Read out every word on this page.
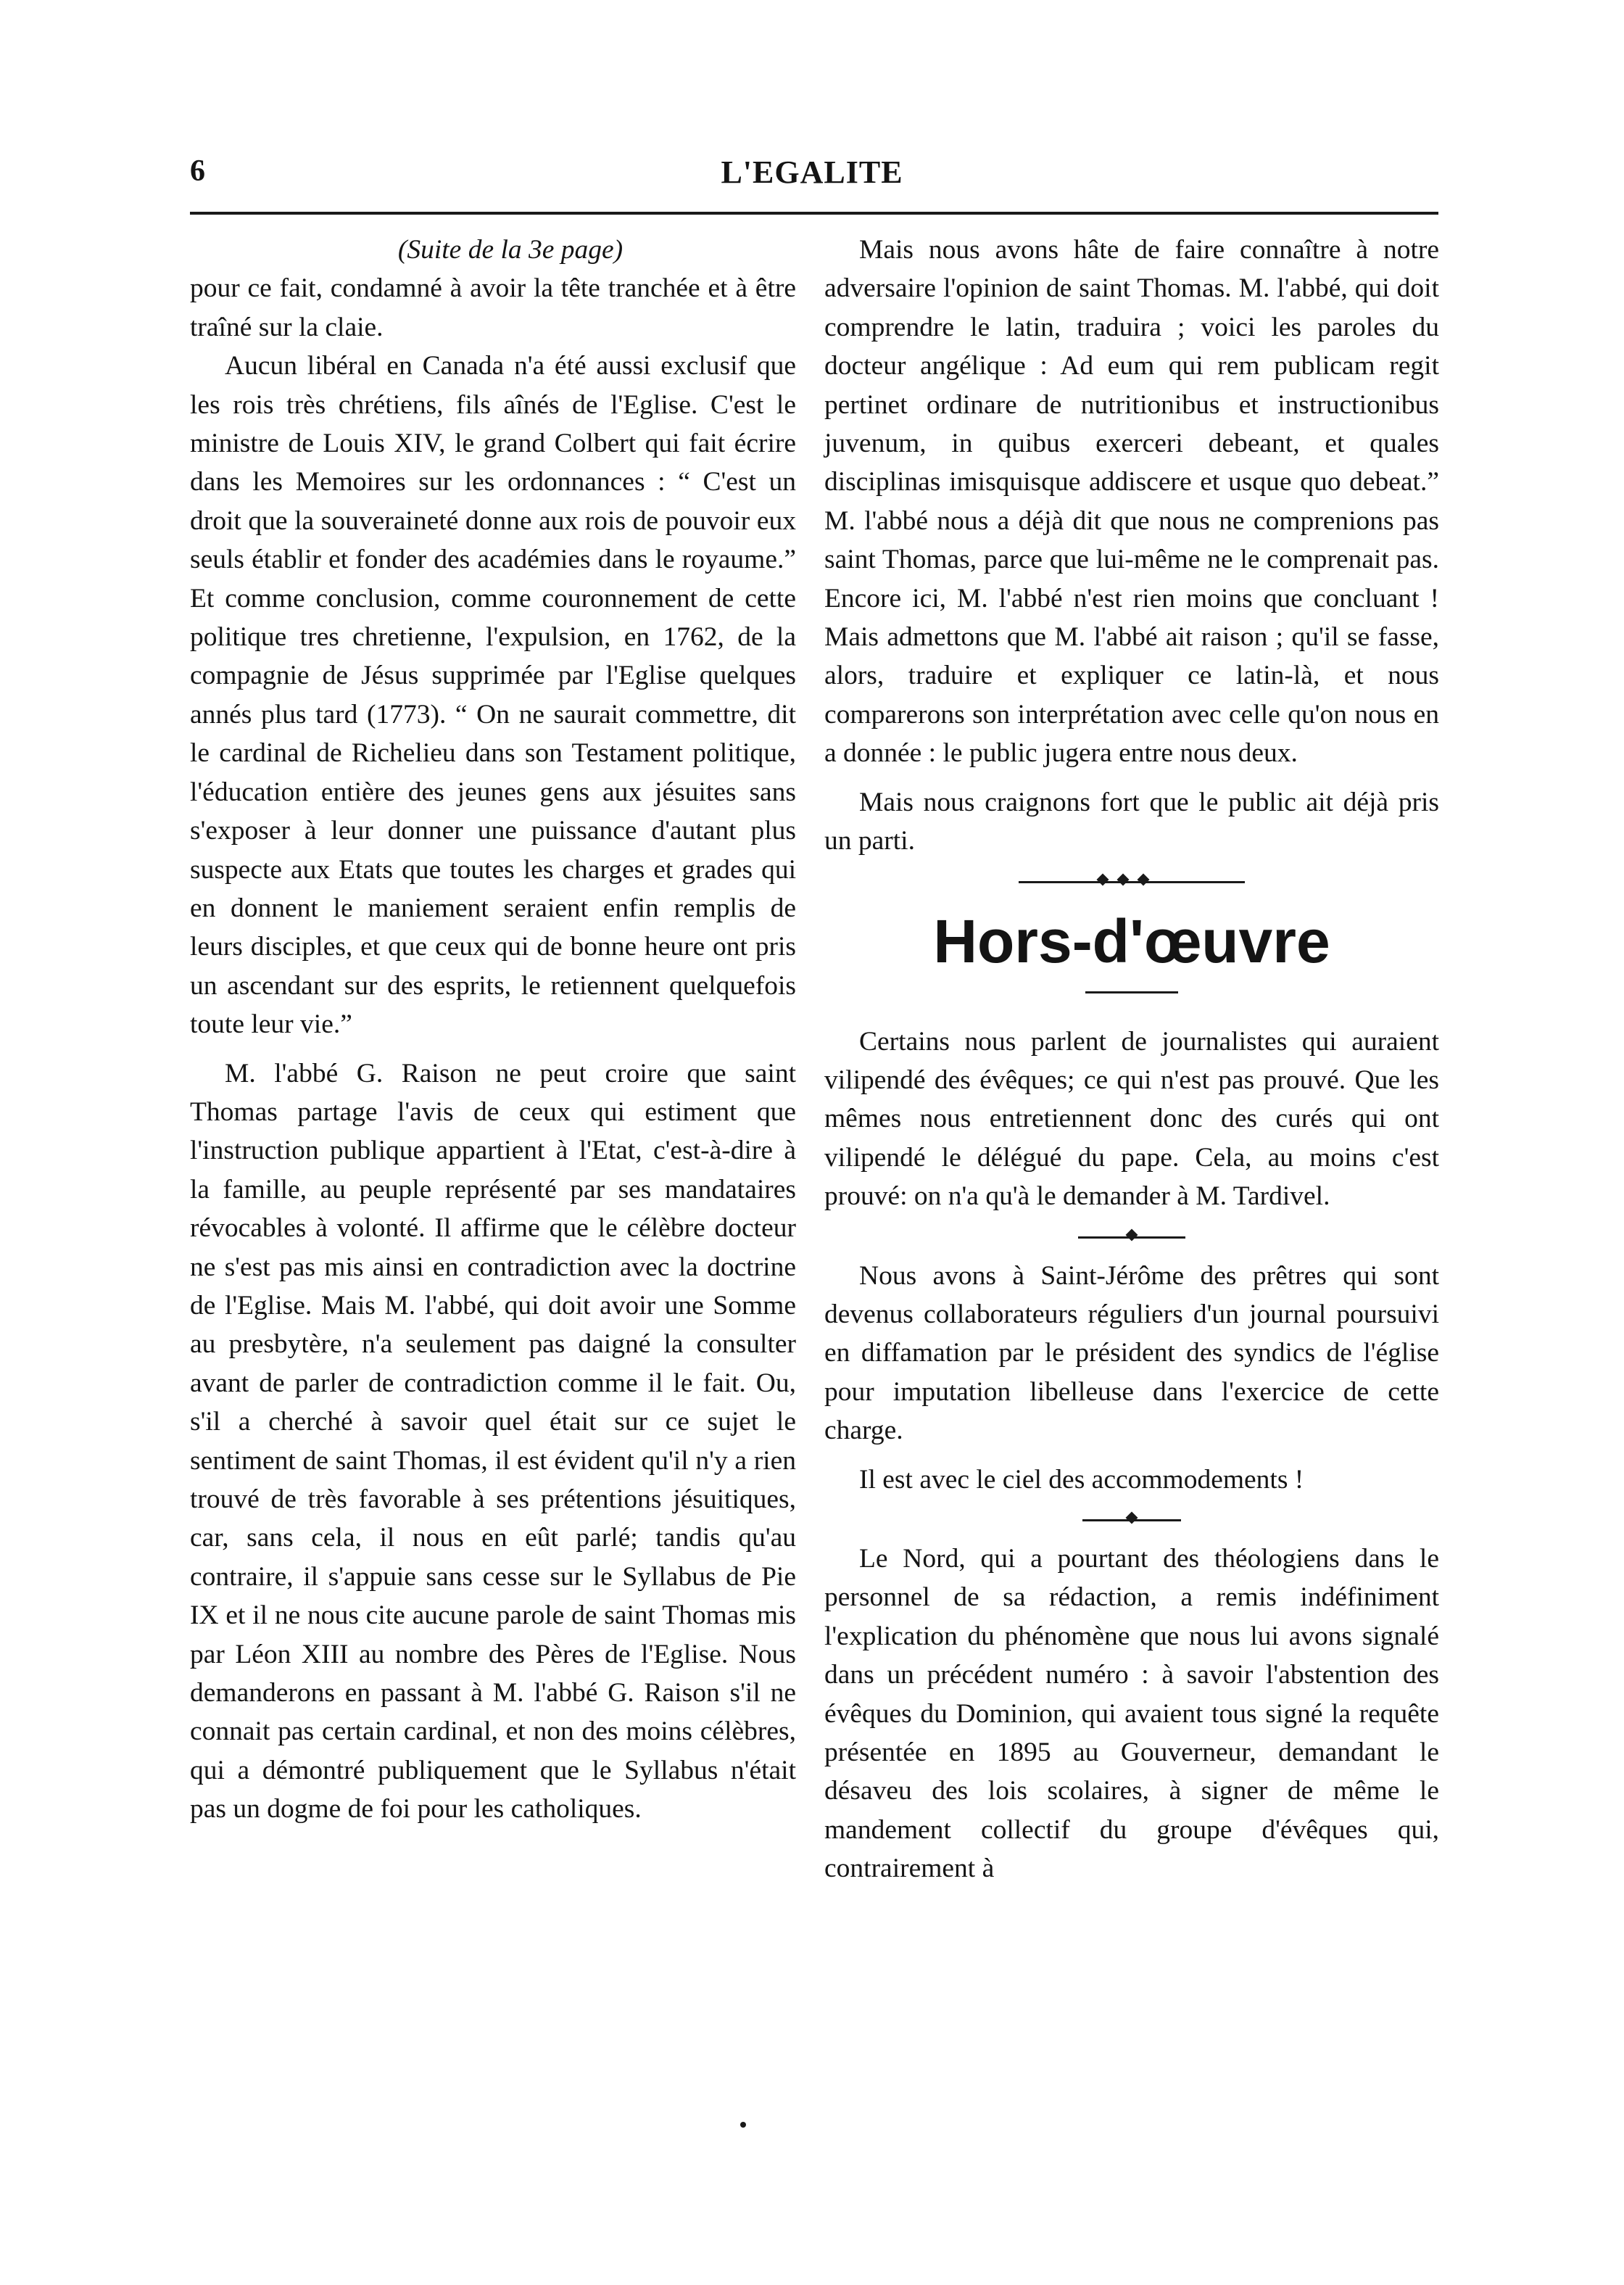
6	L'EGALITE

(Suite de la 3e page)

pour ce fait, condamné à avoir la tête tranchée et à être traîné sur la claie.

Aucun libéral en Canada n'a été aussi exclusif que les rois très chrétiens, fils aînés de l'Eglise. C'est le ministre de Louis XIV, le grand Colbert qui fait écrire dans les Memoires sur les ordonnances : “ C'est un droit que la souveraineté donne aux rois de pouvoir eux seuls établir et fonder des académies dans le royaume.” Et comme conclusion, comme couronnement de cette politique tres chretienne, l'expulsion, en 1762, de la compagnie de Jésus supprimée par l'Eglise quelques annés plus tard (1773). “ On ne saurait commettre, dit le cardinal de Richelieu dans son Testament politique, l'éducation entière des jeunes gens aux jésuites sans s'exposer à leur donner une puissance d'autant plus suspecte aux Etats que toutes les charges et grades qui en donnent le maniement seraient enfin remplis de leurs disciples, et que ceux qui de bonne heure ont pris un ascendant sur des esprits, le retiennent quelquefois toute leur vie.”

M. l'abbé G. Raison ne peut croire que saint Thomas partage l'avis de ceux qui estiment que l'instruction publique appartient à l'Etat, c'est-à-dire à la famille, au peuple représenté par ses mandataires révocables à volonté. Il affirme que le célèbre docteur ne s'est pas mis ainsi en contradiction avec la doctrine de l'Eglise. Mais M. l'abbé, qui doit avoir une Somme au presbytère, n'a seulement pas daigné la consulter avant de parler de contradiction comme il le fait. Ou, s'il a cherché à savoir quel était sur ce sujet le sentiment de saint Thomas, il est évident qu'il n'y a rien trouvé de très favorable à ses prétentions jésuitiques, car, sans cela, il nous en eût parlé; tandis qu'au contraire, il s'appuie sans cesse sur le Syllabus de Pie IX et il ne nous cite aucune parole de saint Thomas mis par Léon XIII au nombre des Pères de l'Eglise. Nous demanderons en passant à M. l'abbé G. Raison s'il ne connait pas certain cardinal, et non des moins célèbres, qui a démontré publiquement que le Syllabus n'était pas un dogme de foi pour les catholiques.

Mais nous avons hâte de faire connaître à notre adversaire l'opinion de saint Thomas. M. l'abbé, qui doit comprendre le latin, traduira ; voici les paroles du docteur angélique : Ad eum qui rem publicam regit pertinet ordinare de nutritionibus et instructionibus juvenum, in quibus exerceri debeant, et quales disciplinas imisquisque addiscere et usque quo debeat.” M. l'abbé nous a déjà dit que nous ne comprenions pas saint Thomas, parce que lui-même ne le comprenait pas. Encore ici, M. l'abbé n'est rien moins que concluant ! Mais admettons que M. l'abbé ait raison ; qu'il se fasse, alors, traduire et expliquer ce latin-là, et nous comparerons son interprétation avec celle qu'on nous en a donnée : le public jugera entre nous deux.

Mais nous craignons fort que le public ait déjà pris un parti.

Hors-d'œuvre

Certains nous parlent de journalistes qui auraient vilipendé des évêques; ce qui n'est pas prouvé. Que les mêmes nous entretiennent donc des curés qui ont vilipendé le délégué du pape. Cela, au moins c'est prouvé: on n'a qu'à le demander à M. Tardivel.

Nous avons à Saint-Jérôme des prêtres qui sont devenus collaborateurs réguliers d'un journal poursuivi en diffamation par le président des syndics de l'église pour imputation libelleuse dans l'exercice de cette charge.

Il est avec le ciel des accommodements !

Le Nord, qui a pourtant des théologiens dans le personnel de sa rédaction, a remis indéfiniment l'explication du phénomène que nous lui avons signalé dans un précédent numéro : à savoir l'abstention des évêques du Dominion, qui avaient tous signé la requête présentée en 1895 au Gouverneur, demandant le désaveu des lois scolaires, à signer de même le mandement collectif du groupe d'évêques qui, contrairement à
